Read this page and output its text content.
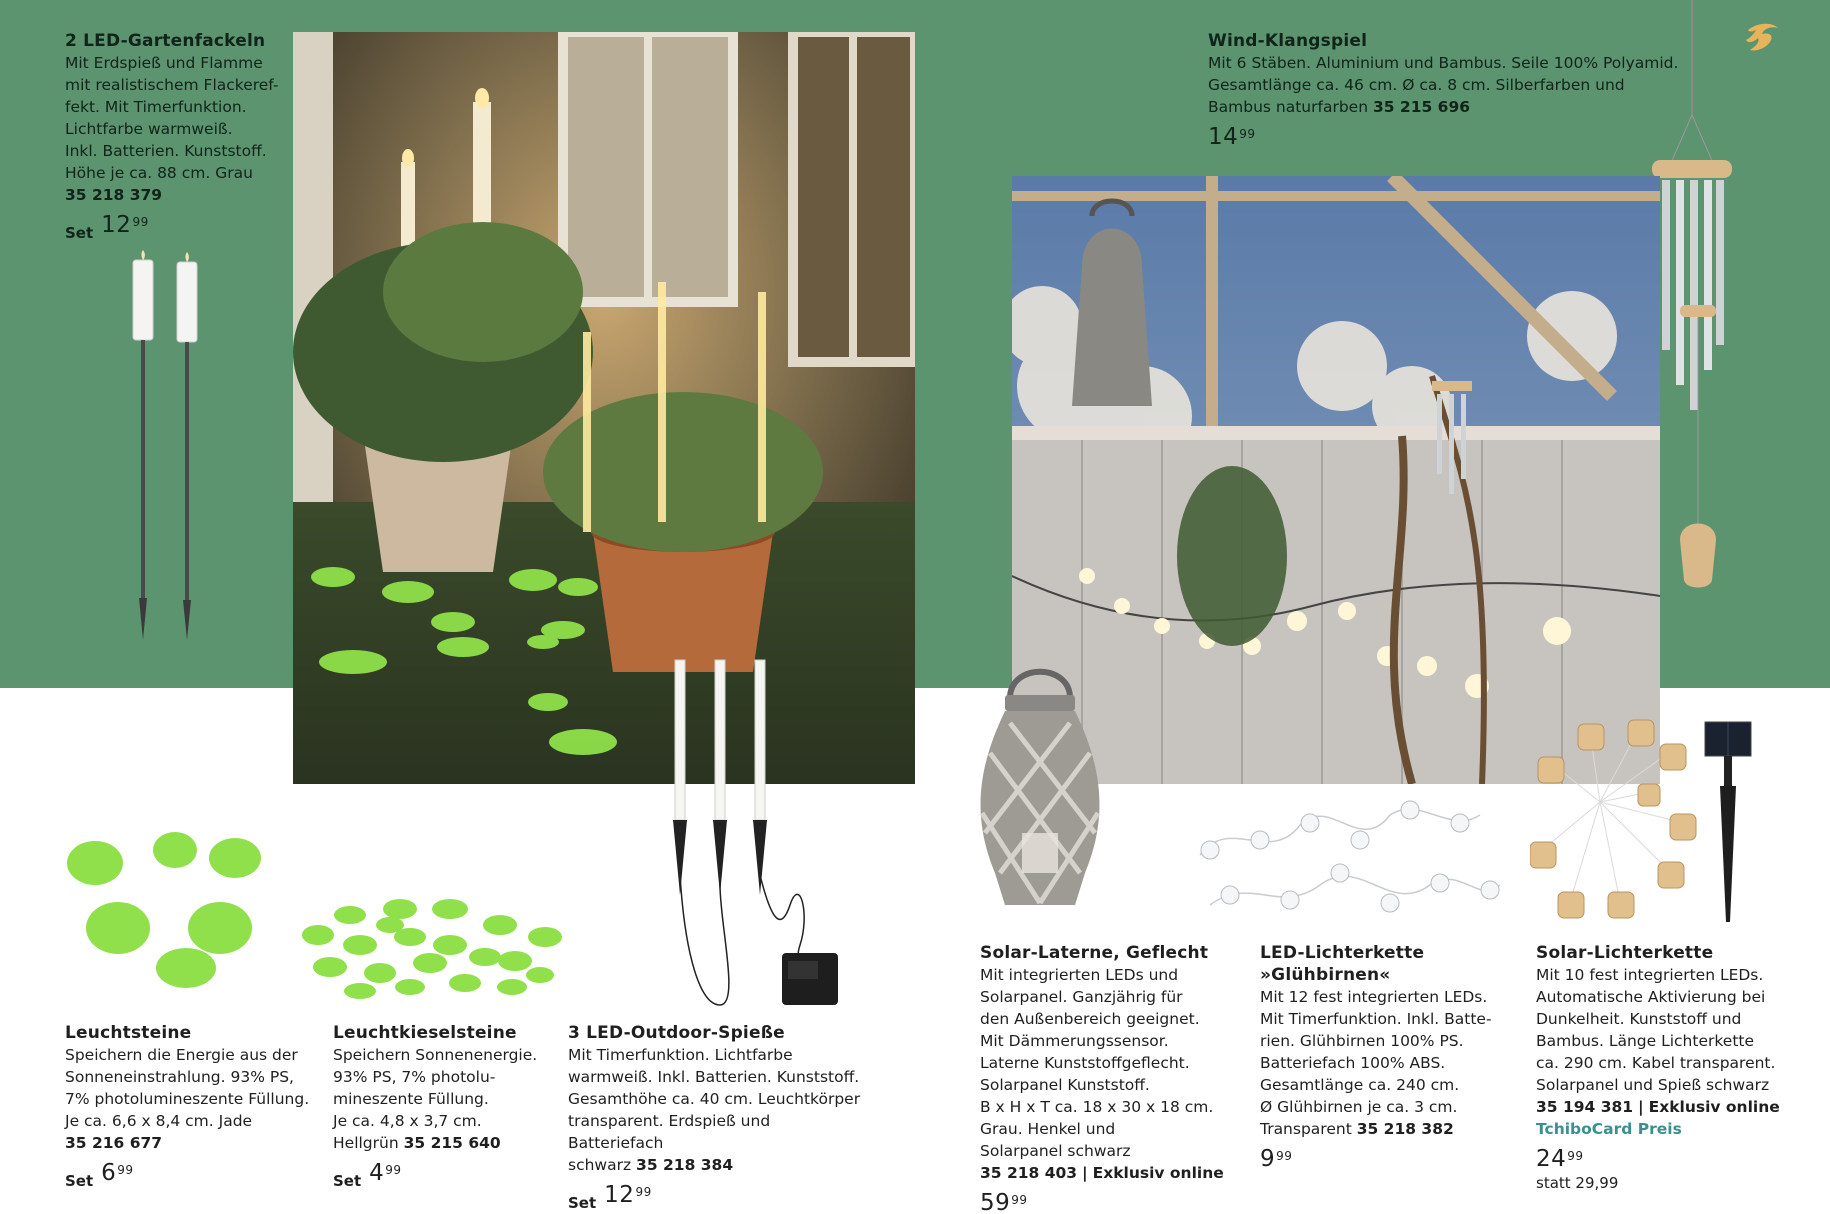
2 LED-Gartenfackeln
Mit Erdspieß und Flamme
mit realistischem Flackeref-
fekt. Mit Timerfunktion.
Lichtfarbe warmweiß.
Inkl. Batterien. Kunststoff.
Höhe je ca. 88 cm. Grau
35 218 379
Set $12^{99}$
Wind-Klangspiel
Mit 6 Stäben. Aluminium und Bambus. Seile 100% Polyamid.
Gesamtlänge ca. 46 cm. Ø ca. 8 cm. Silberfarben und
Bambus naturfarben 35 215 696
$14^{99}$
Leuchtsteine
Speichern die Energie aus der
Sonneneinstrahlung. 93% PS,
7% photolumineszente Füllung.
Je ca. 6,6 x 8,4 cm. Jade
35 216 677
Set $6^{99}$
Leuchtkieselsteine
Speichern Sonnenenergie.
93% PS, 7% photolu-
mineszente Füllung.
Je ca. 4,8 x 3,7 cm.
Hellgrün 35 215 640
Set $4^{99}$
3 LED-Outdoor-Spieße
Mit Timerfunktion. Lichtfarbe
warmweiß. Inkl. Batterien. Kunststoff.
Gesamthöhe ca. 40 cm. Leuchtkörper
transparent. Erdspieß und Batteriefach
schwarz 35 218 384
Set $12^{99}$
Solar-Laterne, Geflecht
Mit integrierten LEDs und
Solarpanel. Ganzjährig für
den Außenbereich geeignet.
Mit Dämmerungssensor.
Laterne Kunststoffgeflecht.
Solarpanel Kunststoff.
B x H x T ca. 18 x 30 x 18 cm.
Grau. Henkel und
Solarpanel schwarz
35 218 403 | Exklusiv online
$59^{99}$
LED-Lichterkette
»Glühbirnen«
Mit 12 fest integrierten LEDs.
Mit Timerfunktion. Inkl. Batte-
rien. Glühbirnen 100% PS.
Batteriefach 100% ABS.
Gesamtlänge ca. 240 cm.
Ø Glühbirnen je ca. 3 cm.
Transparent 35 218 382
$9^{99}$
Solar-Lichterkette
Mit 10 fest integrierten LEDs.
Automatische Aktivierung bei
Dunkelheit. Kunststoff und
Bambus. Länge Lichterkette
ca. 290 cm. Kabel transparent.
Solarpanel und Spieß schwarz
35 194 381 | Exklusiv online
TchiboCard Preis
$24^{99}$
statt 29,99
